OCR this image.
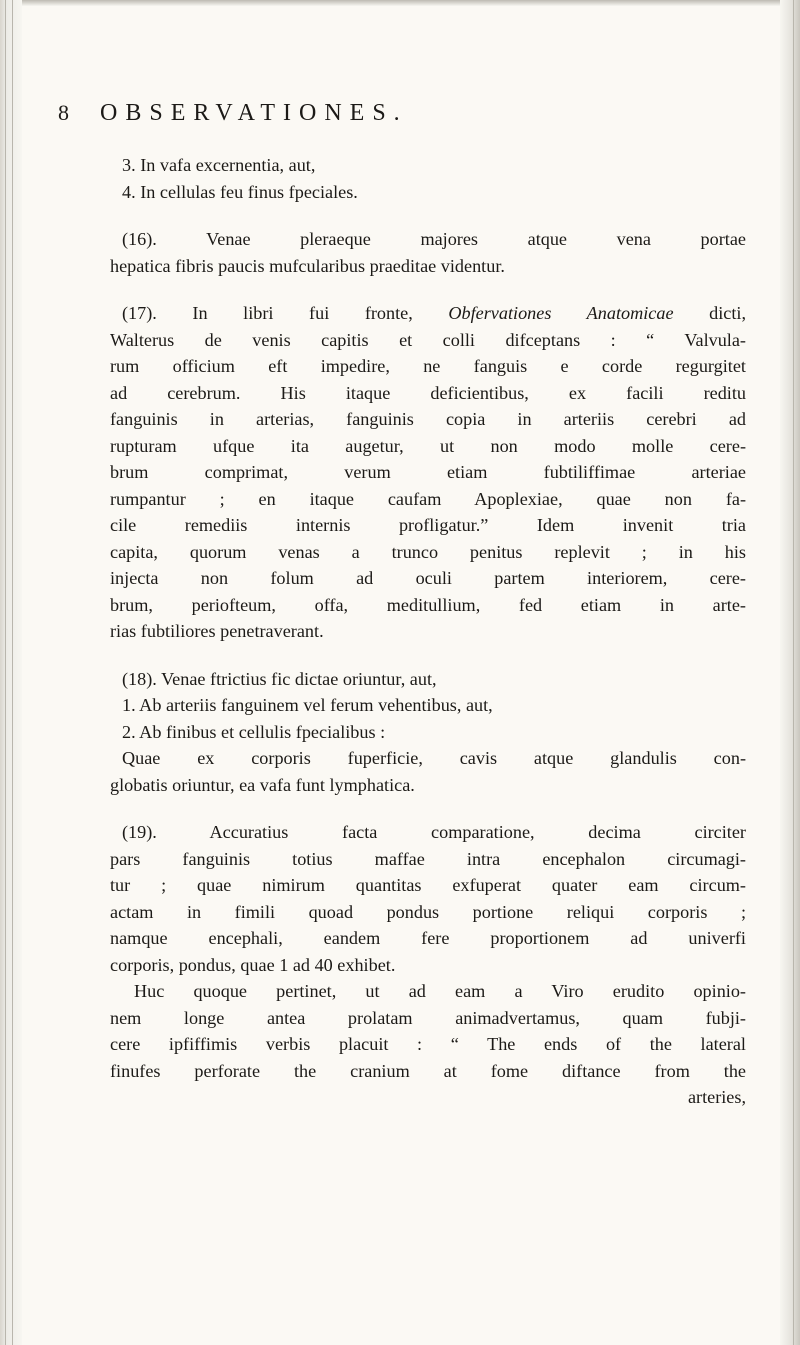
8 OBSERVATIONES.

3. In vafa excernentia, aut,

4. In cellulas feu finus fpeciales.

(16). Venae pleraeque majores atque vena portae

hepatica fibris paucis mufcularibus praeditae videntur.

(17). In libri fui fronte, Obfervationes Anatomicae dicti,

Walterus de venis capitis et colli difceptans : “ Valvula-

rum officium eft impedire, ne fanguis e corde regurgitet

ad cerebrum. His itaque deficientibus, ex facili reditu

fanguinis in arterias, fanguinis copia in arteriis cerebri ad

rupturam ufque ita augetur, ut non modo molle cere-

brum comprimat, verum etiam fubtiliffimae arteriae

rumpantur ; en itaque caufam Apoplexiae, quae non fa-

cile remediis internis profligatur.” Idem invenit tria

capita, quorum venas a trunco penitus replevit ; in his

injecta non folum ad oculi partem interiorem, cere-

brum, periofteum, offa, meditullium, fed etiam in arte-

rias fubtiliores penetraverant.

(18). Venae ftrictius fic dictae oriuntur, aut,

1. Ab arteriis fanguinem vel ferum vehentibus, aut,

2. Ab finibus et cellulis fpecialibus :

Quae ex corporis fuperficie, cavis atque glandulis con-

globatis oriuntur, ea vafa funt lymphatica.

(19). Accuratius facta comparatione, decima circiter

pars fanguinis totius maffae intra encephalon circumagi-

tur ; quae nimirum quantitas exfuperat quater eam circum-

actam in fimili quoad pondus portione reliqui corporis ;

namque encephali, eandem fere proportionem ad univerfi

corporis, pondus, quae 1 ad 40 exhibet.

Huc quoque pertinet, ut ad eam a Viro erudito opinio-

nem longe antea prolatam animadvertamus, quam fubji-

cere ipfiffimis verbis placuit : “ The ends of the lateral

finufes perforate the cranium at fome diftance from the

arteries,
